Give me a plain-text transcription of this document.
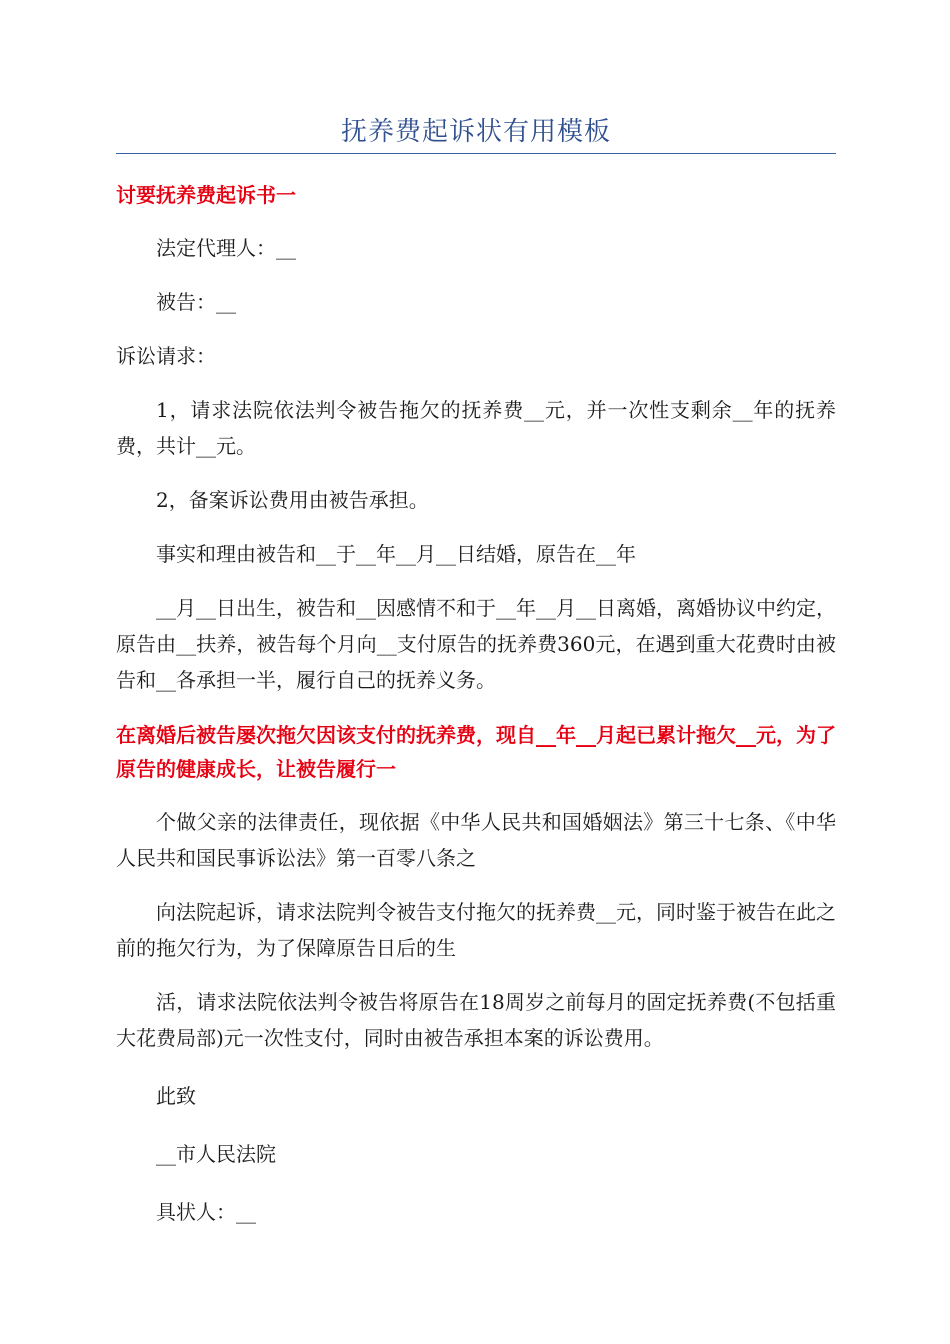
抚养费起诉状有用模板

讨要抚养费起诉书一

法定代理人：__

被告：__

诉讼请求：

1，请求法院依法判令被告拖欠的抚养费__元，并一次性支剩余__年的抚养费，共计__元。

2，备案诉讼费用由被告承担。

事实和理由被告和__于__年__月__日结婚，原告在__年

__月__日出生，被告和__因感情不和于__年__月__日离婚，离婚协议中约定，原告由__扶养，被告每个月向__支付原告的抚养费360元，在遇到重大花费时由被告和__各承担一半，履行自己的抚养义务。

在离婚后被告屡次拖欠因该支付的抚养费，现自__年__月起已累计拖欠__元，为了原告的健康成长，让被告履行一

个做父亲的法律责任，现依据《中华人民共和国婚姻法》第三十七条、《中华人民共和国民事诉讼法》第一百零八条之

向法院起诉，请求法院判令被告支付拖欠的抚养费__元，同时鉴于被告在此之前的拖欠行为，为了保障原告日后的生

活，请求法院依法判令被告将原告在18周岁之前每月的固定抚养费(不包括重大花费局部)元一次性支付，同时由被告承担本案的诉讼费用。

此致

__市人民法院

具状人：__
